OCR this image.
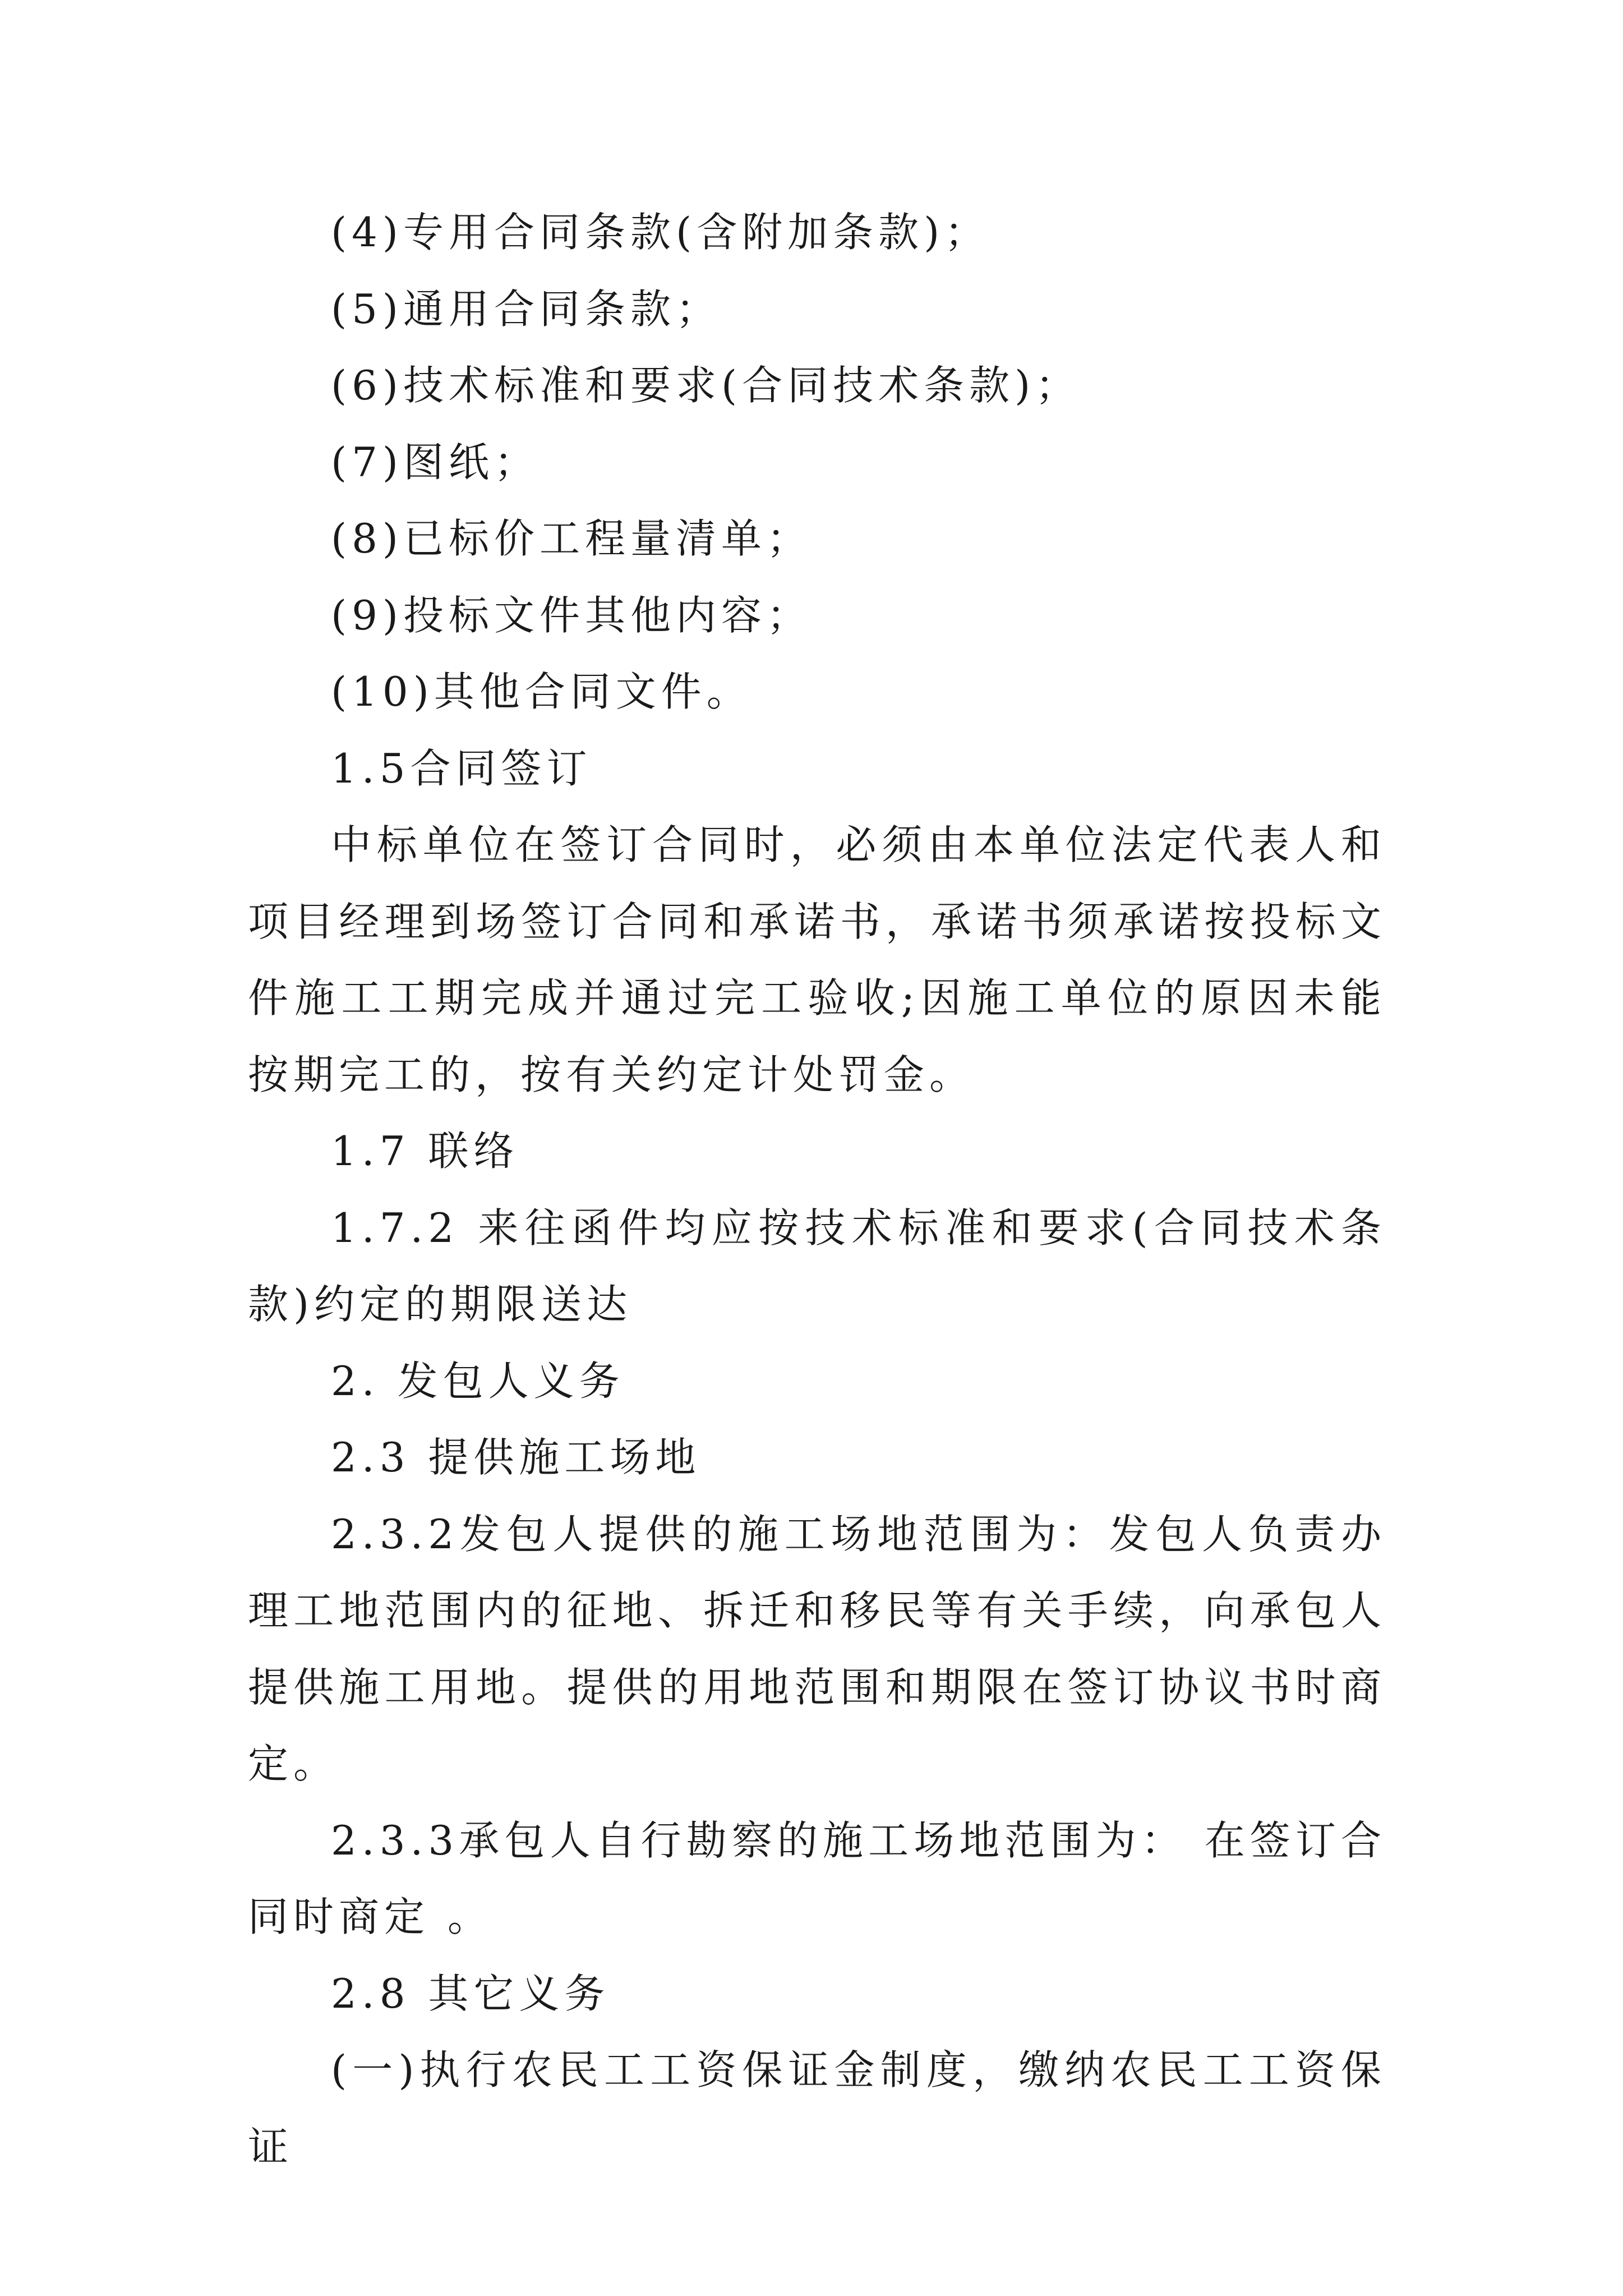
(4)专用合同条款(含附加条款)；

(5)通用合同条款；

(6)技术标准和要求(合同技术条款)；

(7)图纸；

(8)已标价工程量清单；

(9)投标文件其他内容；

(10)其他合同文件。

1.5合同签订

中标单位在签订合同时，必须由本单位法定代表人和项目经理到场签订合同和承诺书，承诺书须承诺按投标文件施工工期完成并通过完工验收;因施工单位的原因未能按期完工的，按有关约定计处罚金。

1.7 联络

1.7.2 来往函件均应按技术标准和要求(合同技术条款)约定的期限送达

2. 发包人义务

2.3 提供施工场地

2.3.2发包人提供的施工场地范围为：发包人负责办理工地范围内的征地、拆迁和移民等有关手续，向承包人提供施工用地。提供的用地范围和期限在签订协议书时商定。

2.3.3承包人自行勘察的施工场地范围为： 在签订合同时商定 。

2.8 其它义务

(一)执行农民工工资保证金制度，缴纳农民工工资保证
